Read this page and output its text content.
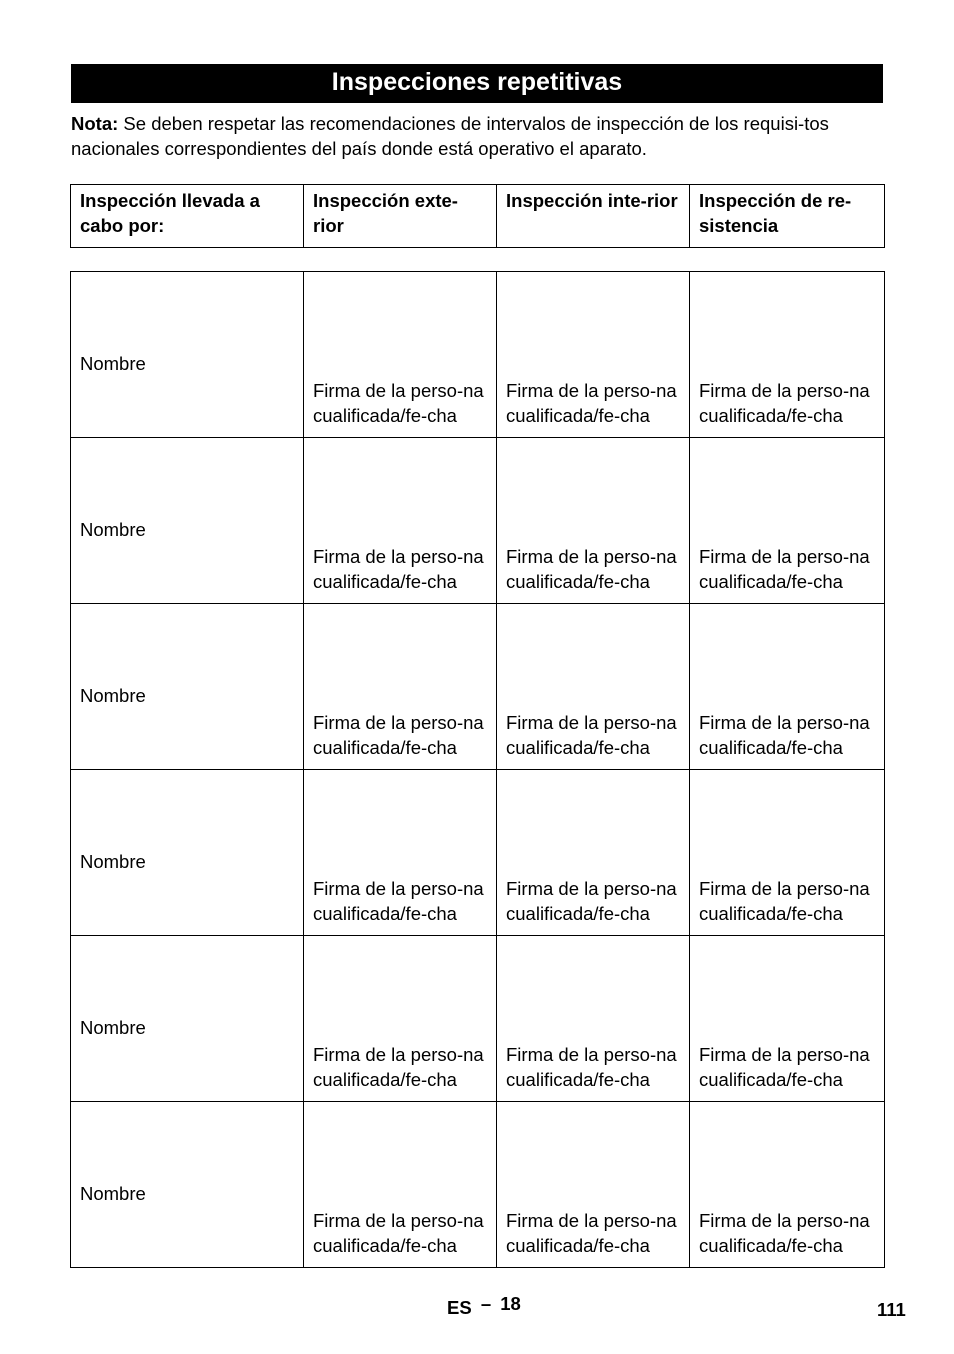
Inspecciones repetitivas
Nota: Se deben respetar las recomendaciones de intervalos de inspección de los requisi-tos nacionales correspondientes del país donde está operativo el aparato.
Inspección llevada a cabo por:	Inspección exte-rior	Inspección inte-rior	Inspección de re-sistencia
Nombre	Firma de la perso-na cualificada/fe-cha	Firma de la perso-na cualificada/fe-cha	Firma de la perso-na cualificada/fe-cha
Nombre	Firma de la perso-na cualificada/fe-cha	Firma de la perso-na cualificada/fe-cha	Firma de la perso-na cualificada/fe-cha
Nombre	Firma de la perso-na cualificada/fe-cha	Firma de la perso-na cualificada/fe-cha	Firma de la perso-na cualificada/fe-cha
Nombre	Firma de la perso-na cualificada/fe-cha	Firma de la perso-na cualificada/fe-cha	Firma de la perso-na cualificada/fe-cha
Nombre	Firma de la perso-na cualificada/fe-cha	Firma de la perso-na cualificada/fe-cha	Firma de la perso-na cualificada/fe-cha
Nombre	Firma de la perso-na cualificada/fe-cha	Firma de la perso-na cualificada/fe-cha	Firma de la perso-na cualificada/fe-cha
ES – 18	111
